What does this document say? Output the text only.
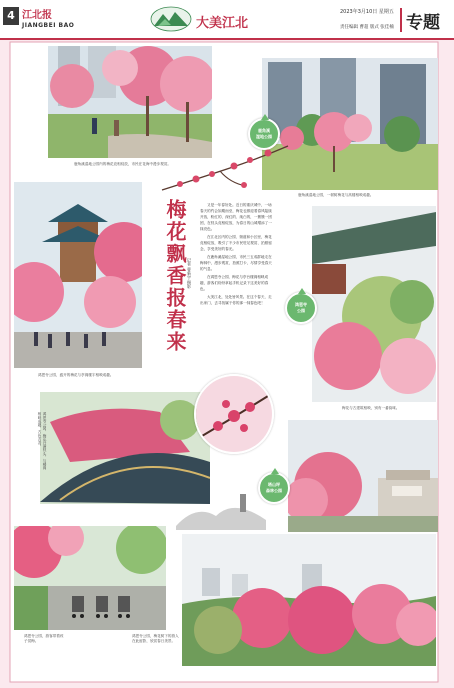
4 江北报
JIANGBEI BAO	大美江北
2023年3月10日 星期五
责任编辑 曹超 版式 张佳楠 专题
鹿角溪湿地公园内的梅花竞相绽放，市民在花海中漫步观赏。
鹿角溪湿地公园，一树树梅花与高楼相映成趣。
鹿角溪
湿地公园
鸿恩寺公园，盛开的梅花与亭阁楼宇相映成趣。
梅花飘香报春来 记者 曹新宇 摄影

又是一年春好处。近日的重庆城中，一场春天的约会如期而至，梅花也都迎着春风陆续开放，粉红的、深红的、纯白的，一簇簇一团团，在枝头竞相绽放，为春日的山城增添了一抹亮色。

在江北区内的公园、街道和小区里，梅花竞相绽放，吸引了不少市民驻足观赏、拍照留念，享受美好的春光。

在鹿角溪湿地公园，市民三五成群地走在梅林中，漫步观赏，拍照打卡，尽情享受春天的气息。

在鸿恩寺公园，梅花与亭台楼阁相映成趣，游客们纷纷拿起手机记录下这美好的春色。

大美江北，处处皆风景。在这个春天，走出家门，去寻找属于你的那一抹春色吧！

梅花与古建筑相映，别有一番韵味。
鸿恩寺
公园
鸿恩寺公园，梅花开满枝头，与楼阁相映成趣，古色古香。
塔山坪
森林公园
鸿恩寺公园，游客带着孩子赏梅。
鸿恩寺公园，梅花树下的游人在此留影，欣赏春日美景。
